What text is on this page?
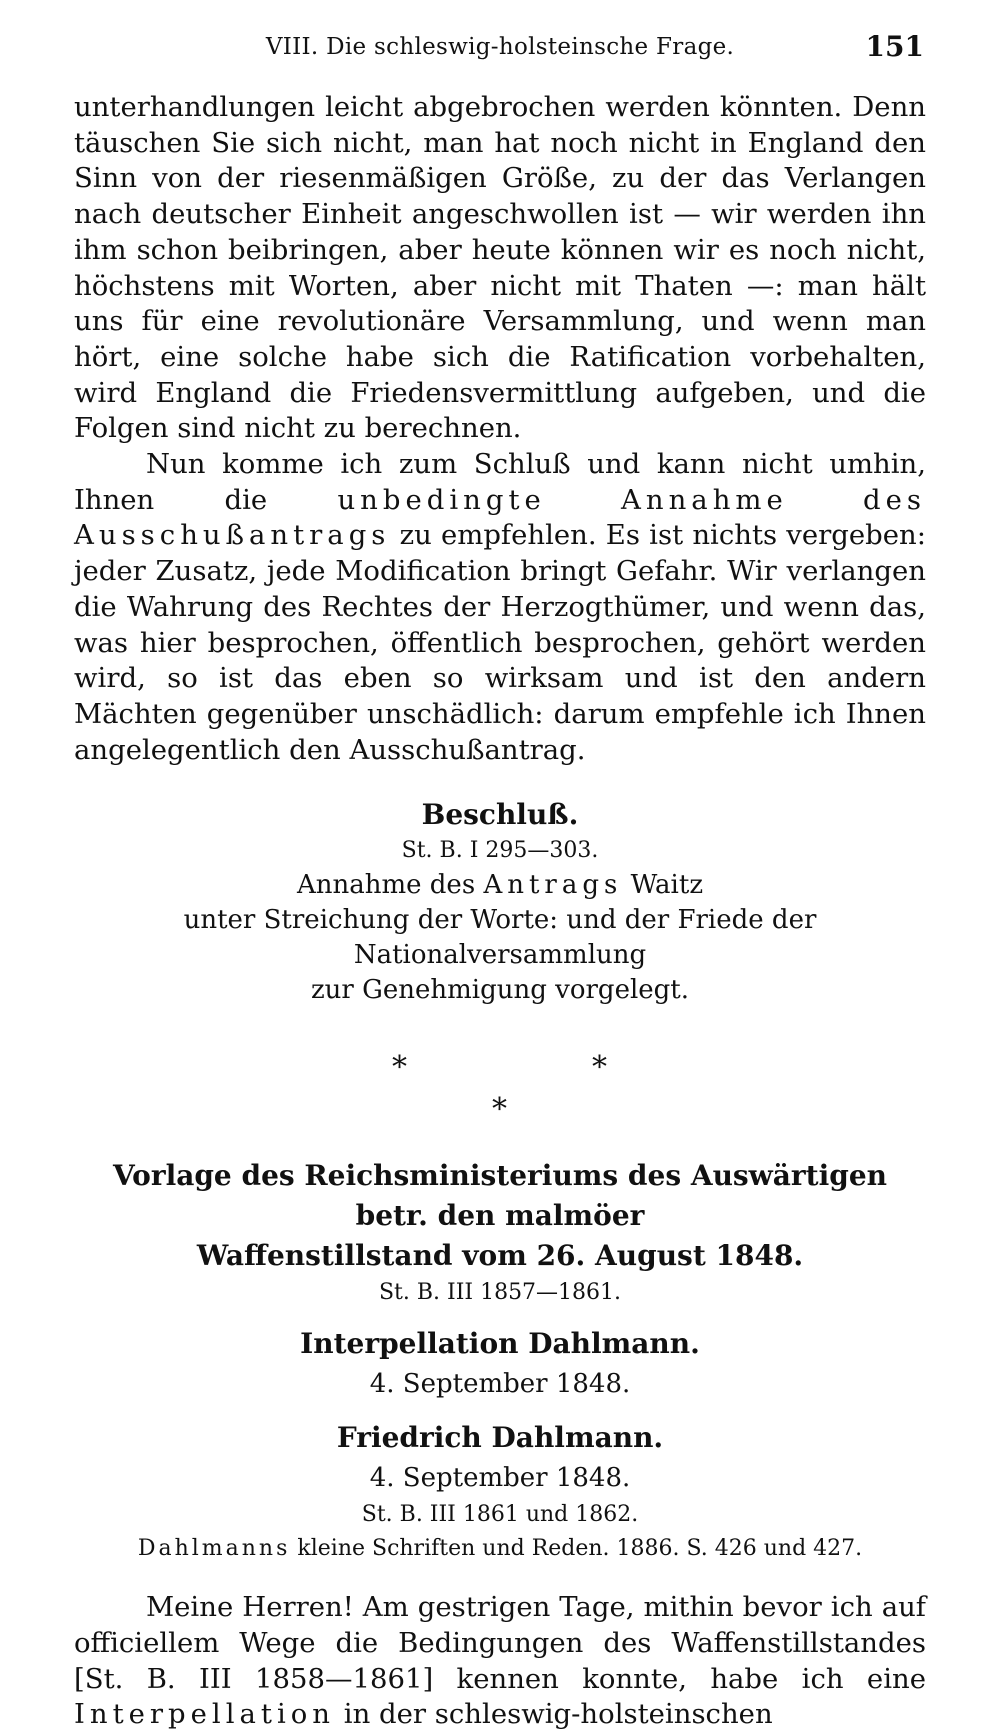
VIII. Die schleswig-holsteinsche Frage.	151

unterhandlungen leicht abgebrochen werden könnten. Denn täuschen Sie sich nicht, man hat noch nicht in England den Sinn von der riesenmäßigen Größe, zu der das Verlangen nach deutscher Einheit angeschwollen ist — wir werden ihn ihm schon beibringen, aber heute können wir es noch nicht, höchstens mit Worten, aber nicht mit Thaten —: man hält uns für eine revolutionäre Versammlung, und wenn man hört, eine solche habe sich die Ratification vorbehalten, wird England die Friedensvermittlung aufgeben, und die Folgen sind nicht zu berechnen.

Nun komme ich zum Schluß und kann nicht umhin, Ihnen die	unbedingte Annahme des Ausschußantrags zu empfehlen. Es ist nichts vergeben: jeder Zusatz, jede Modification bringt Gefahr. Wir verlangen die Wahrung des Rechtes der Herzogthümer, und wenn das, was hier besprochen, öffentlich besprochen, gehört werden wird, so ist das eben so wirksam und ist den andern Mächten gegenüber unschädlich: darum empfehle ich Ihnen angelegentlich den Ausschußantrag.

Beschluß.

St. B. I 295—303.

Annahme des Antrags Waitz

unter Streichung der Worte: und der Friede der Nationalversammlung

zur Genehmigung vorgelegt.

*	*
*

Vorlage des Reichsministeriums des Auswärtigen betr. den malmöer

Waffenstillstand vom 26. August 1848.

St. B. III 1857—1861.

Interpellation Dahlmann.

4. September 1848.

Friedrich Dahlmann.

4. September 1848.

St. B. III 1861 und 1862.

Dahlmanns kleine Schriften und Reden. 1886. S. 426 und 427.

Meine Herren! Am gestrigen Tage, mithin bevor ich auf officiellem Wege die Bedingungen des Waffenstillstandes [St. B. III 1858—1861] kennen konnte, habe ich eine Interpellation in der schleswig-holsteinschen
